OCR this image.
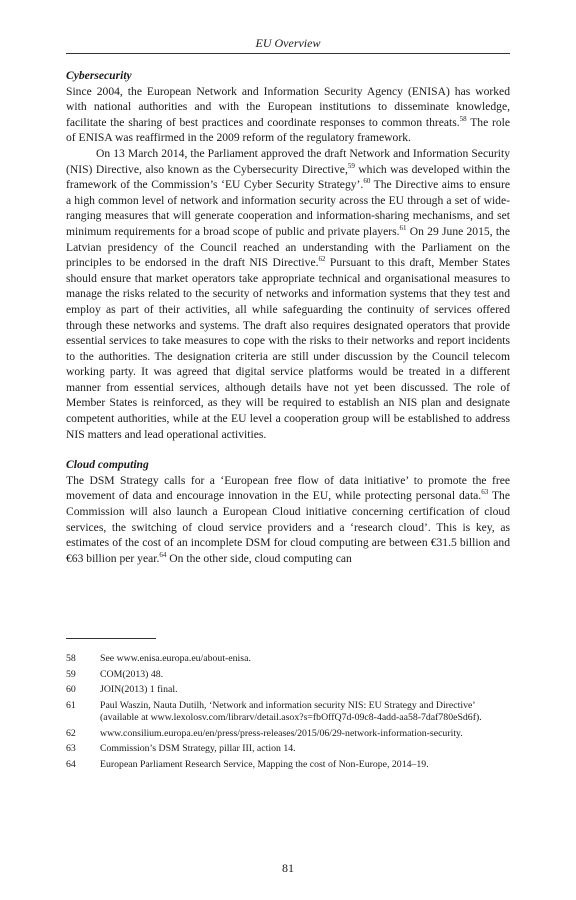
EU Overview

Cybersecurity

Since 2004, the European Network and Information Security Agency (ENISA) has worked with national authorities and with the European institutions to disseminate knowledge, facilitate the sharing of best practices and coordinate responses to common threats.$^{58}$ The role of ENISA was reaffirmed in the 2009 reform of the regulatory framework.

On 13 March 2014, the Parliament approved the draft Network and Information Security (NIS) Directive, also known as the Cybersecurity Directive,$^{59}$ which was developed within the framework of the Commission’s ‘EU Cyber Security Strategy’.$^{60}$ The Directive aims to ensure a high common level of network and information security across the EU through a set of wide-ranging measures that will generate cooperation and information-sharing mechanisms, and set minimum requirements for a broad scope of public and private players.$^{61}$ On 29 June 2015, the Latvian presidency of the Council reached an understanding with the Parliament on the principles to be endorsed in the draft NIS Directive.$^{62}$ Pursuant to this draft, Member States should ensure that market operators take appropriate technical and organisational measures to manage the risks related to the security of networks and information systems that they test and employ as part of their activities, all while safeguarding the continuity of services offered through these networks and systems. The draft also requires designated operators that provide essential services to take measures to cope with the risks to their networks and report incidents to the authorities. The designation criteria are still under discussion by the Council telecom working party. It was agreed that digital service platforms would be treated in a different manner from essential services, although details have not yet been discussed. The role of Member States is reinforced, as they will be required to establish an NIS plan and designate competent authorities, while at the EU level a cooperation group will be established to address NIS matters and lead operational activities.

Cloud computing

The DSM Strategy calls for a ‘European free flow of data initiative’ to promote the free movement of data and encourage innovation in the EU, while protecting personal data.$^{63}$ The Commission will also launch a European Cloud initiative concerning certification of cloud services, the switching of cloud service providers and a ‘research cloud’. This is key, as estimates of the cost of an incomplete DSM for cloud computing are between €31.5 billion and €63 billion per year.$^{64}$ On the other side, cloud computing can

58	See www.enisa.europa.eu/about-enisa.
59	COM(2013) 48.
60	JOIN(2013) 1 final.
61	Paul Waszin, Nauta Dutilh, ‘Network and information security NIS: EU Strategy and Directive’ (available at www.lexolosv.com/librarv/detail.asox?s=fbOffQ7d-09c8-4add-aa58-7daf780eSd6f).
62	www.consilium.europa.eu/en/press/press-releases/2015/06/29-network-information-security.
63	Commission’s DSM Strategy, pillar III, action 14.
64	European Parliament Research Service, Mapping the cost of Non-Europe, 2014–19.
81
